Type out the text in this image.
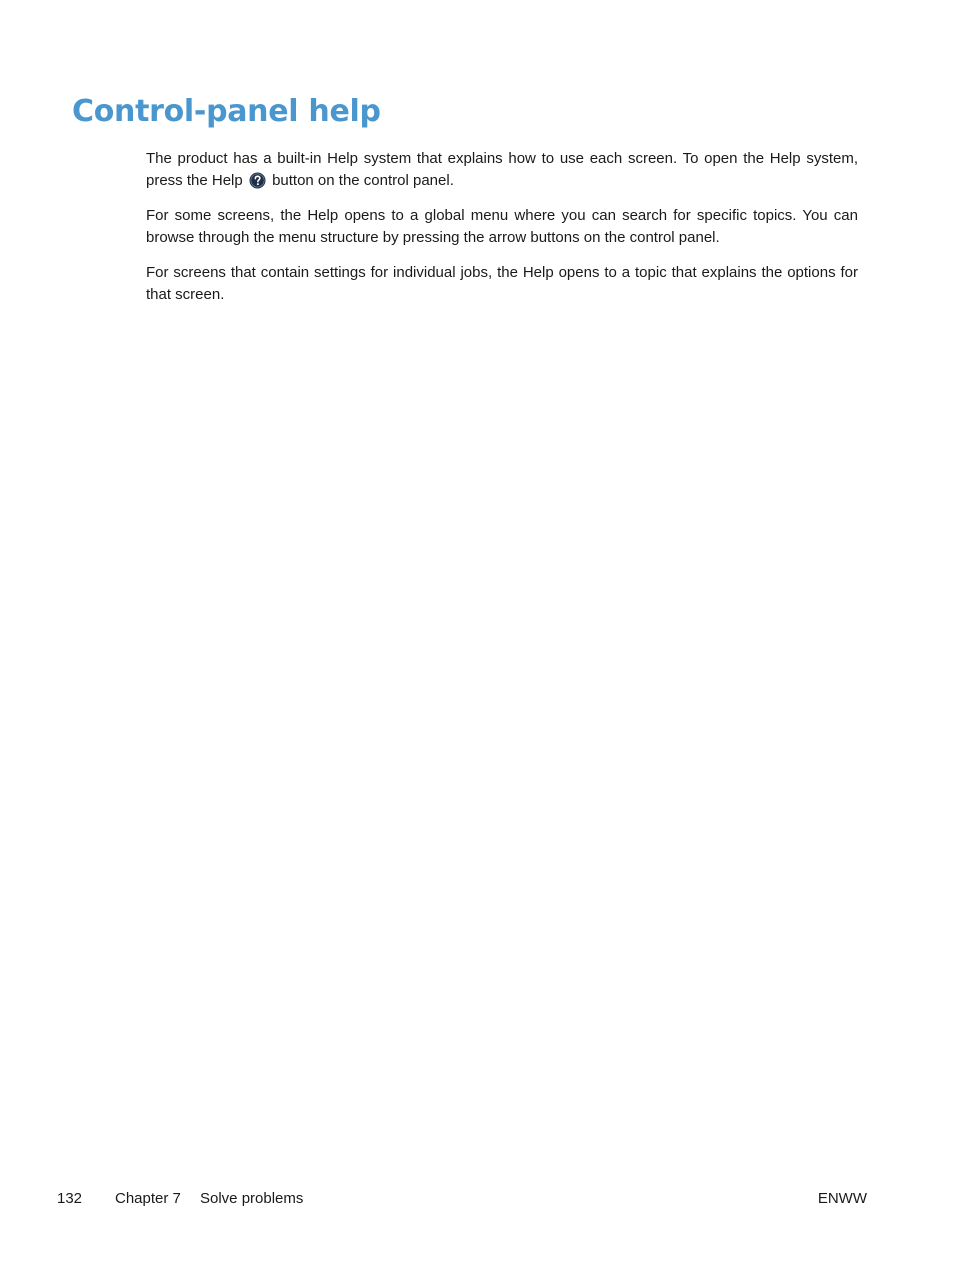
Control-panel help

The product has a built-in Help system that explains how to use each screen. To open the Help system, press the Help button on the control panel.

For some screens, the Help opens to a global menu where you can search for specific topics. You can browse through the menu structure by pressing the arrow buttons on the control panel.

For screens that contain settings for individual jobs, the Help opens to a topic that explains the options for that screen.

132 Chapter 7 Solve problems	ENWW
